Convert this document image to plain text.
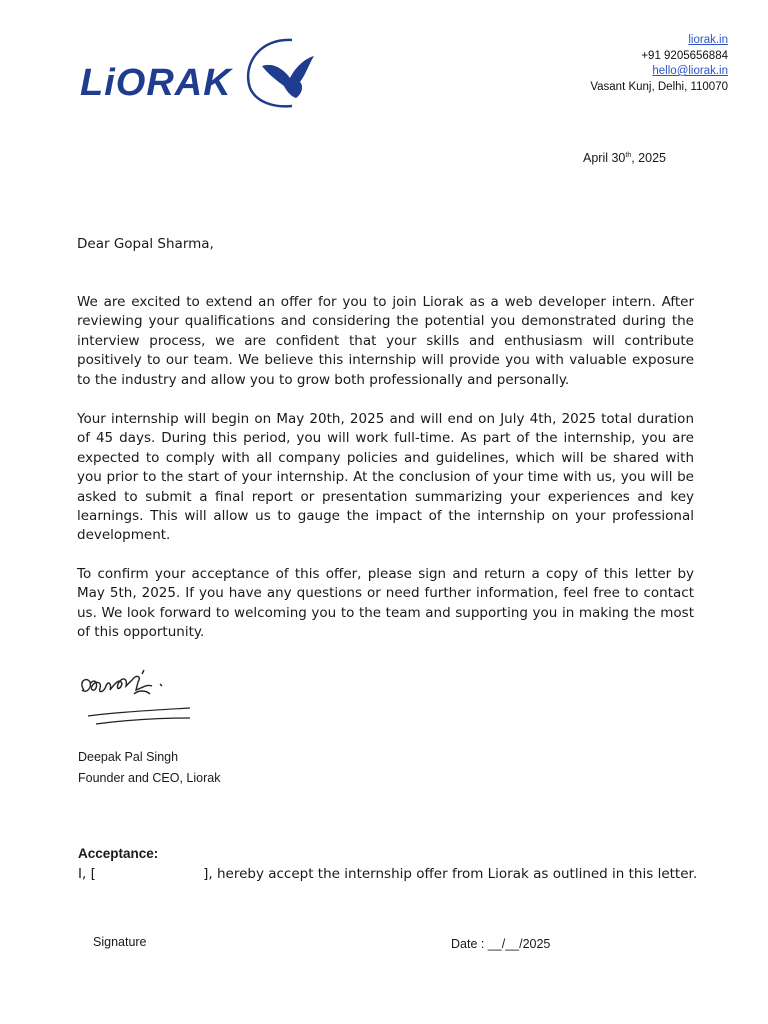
LiORAK
liorak.in
+91 9205656884
hello@liorak.in
Vasant Kunj, Delhi, 110070
April 30th, 2025
Dear Gopal Sharma,

We are excited to extend an offer for you to join Liorak as a web developer intern. After reviewing your qualifications and considering the potential you demonstrated during the interview process, we are confident that your skills and enthusiasm will contribute positively to our team. We believe this internship will provide you with valuable exposure to the industry and allow you to grow both professionally and personally.

Your internship will begin on May 20th, 2025 and will end on July 4th, 2025 total duration of 45 days. During this period, you will work full-time. As part of the internship, you are expected to comply with all company policies and guidelines, which will be shared with you prior to the start of your internship. At the conclusion of your time with us, you will be asked to submit a final report or presentation summarizing your experiences and key learnings. This will allow us to gauge the impact of the internship on your professional development.

To confirm your acceptance of this offer, please sign and return a copy of this letter by May 5th, 2025. If you have any questions or need further information, feel free to contact us. We look forward to welcoming you to the team and supporting you in making the most of this opportunity.

Deepak Pal Singh
Founder and CEO, Liorak
Acceptance:
I, [                         ], hereby accept the internship offer from Liorak as outlined in this letter.
Signature	Date : __/__/2025
